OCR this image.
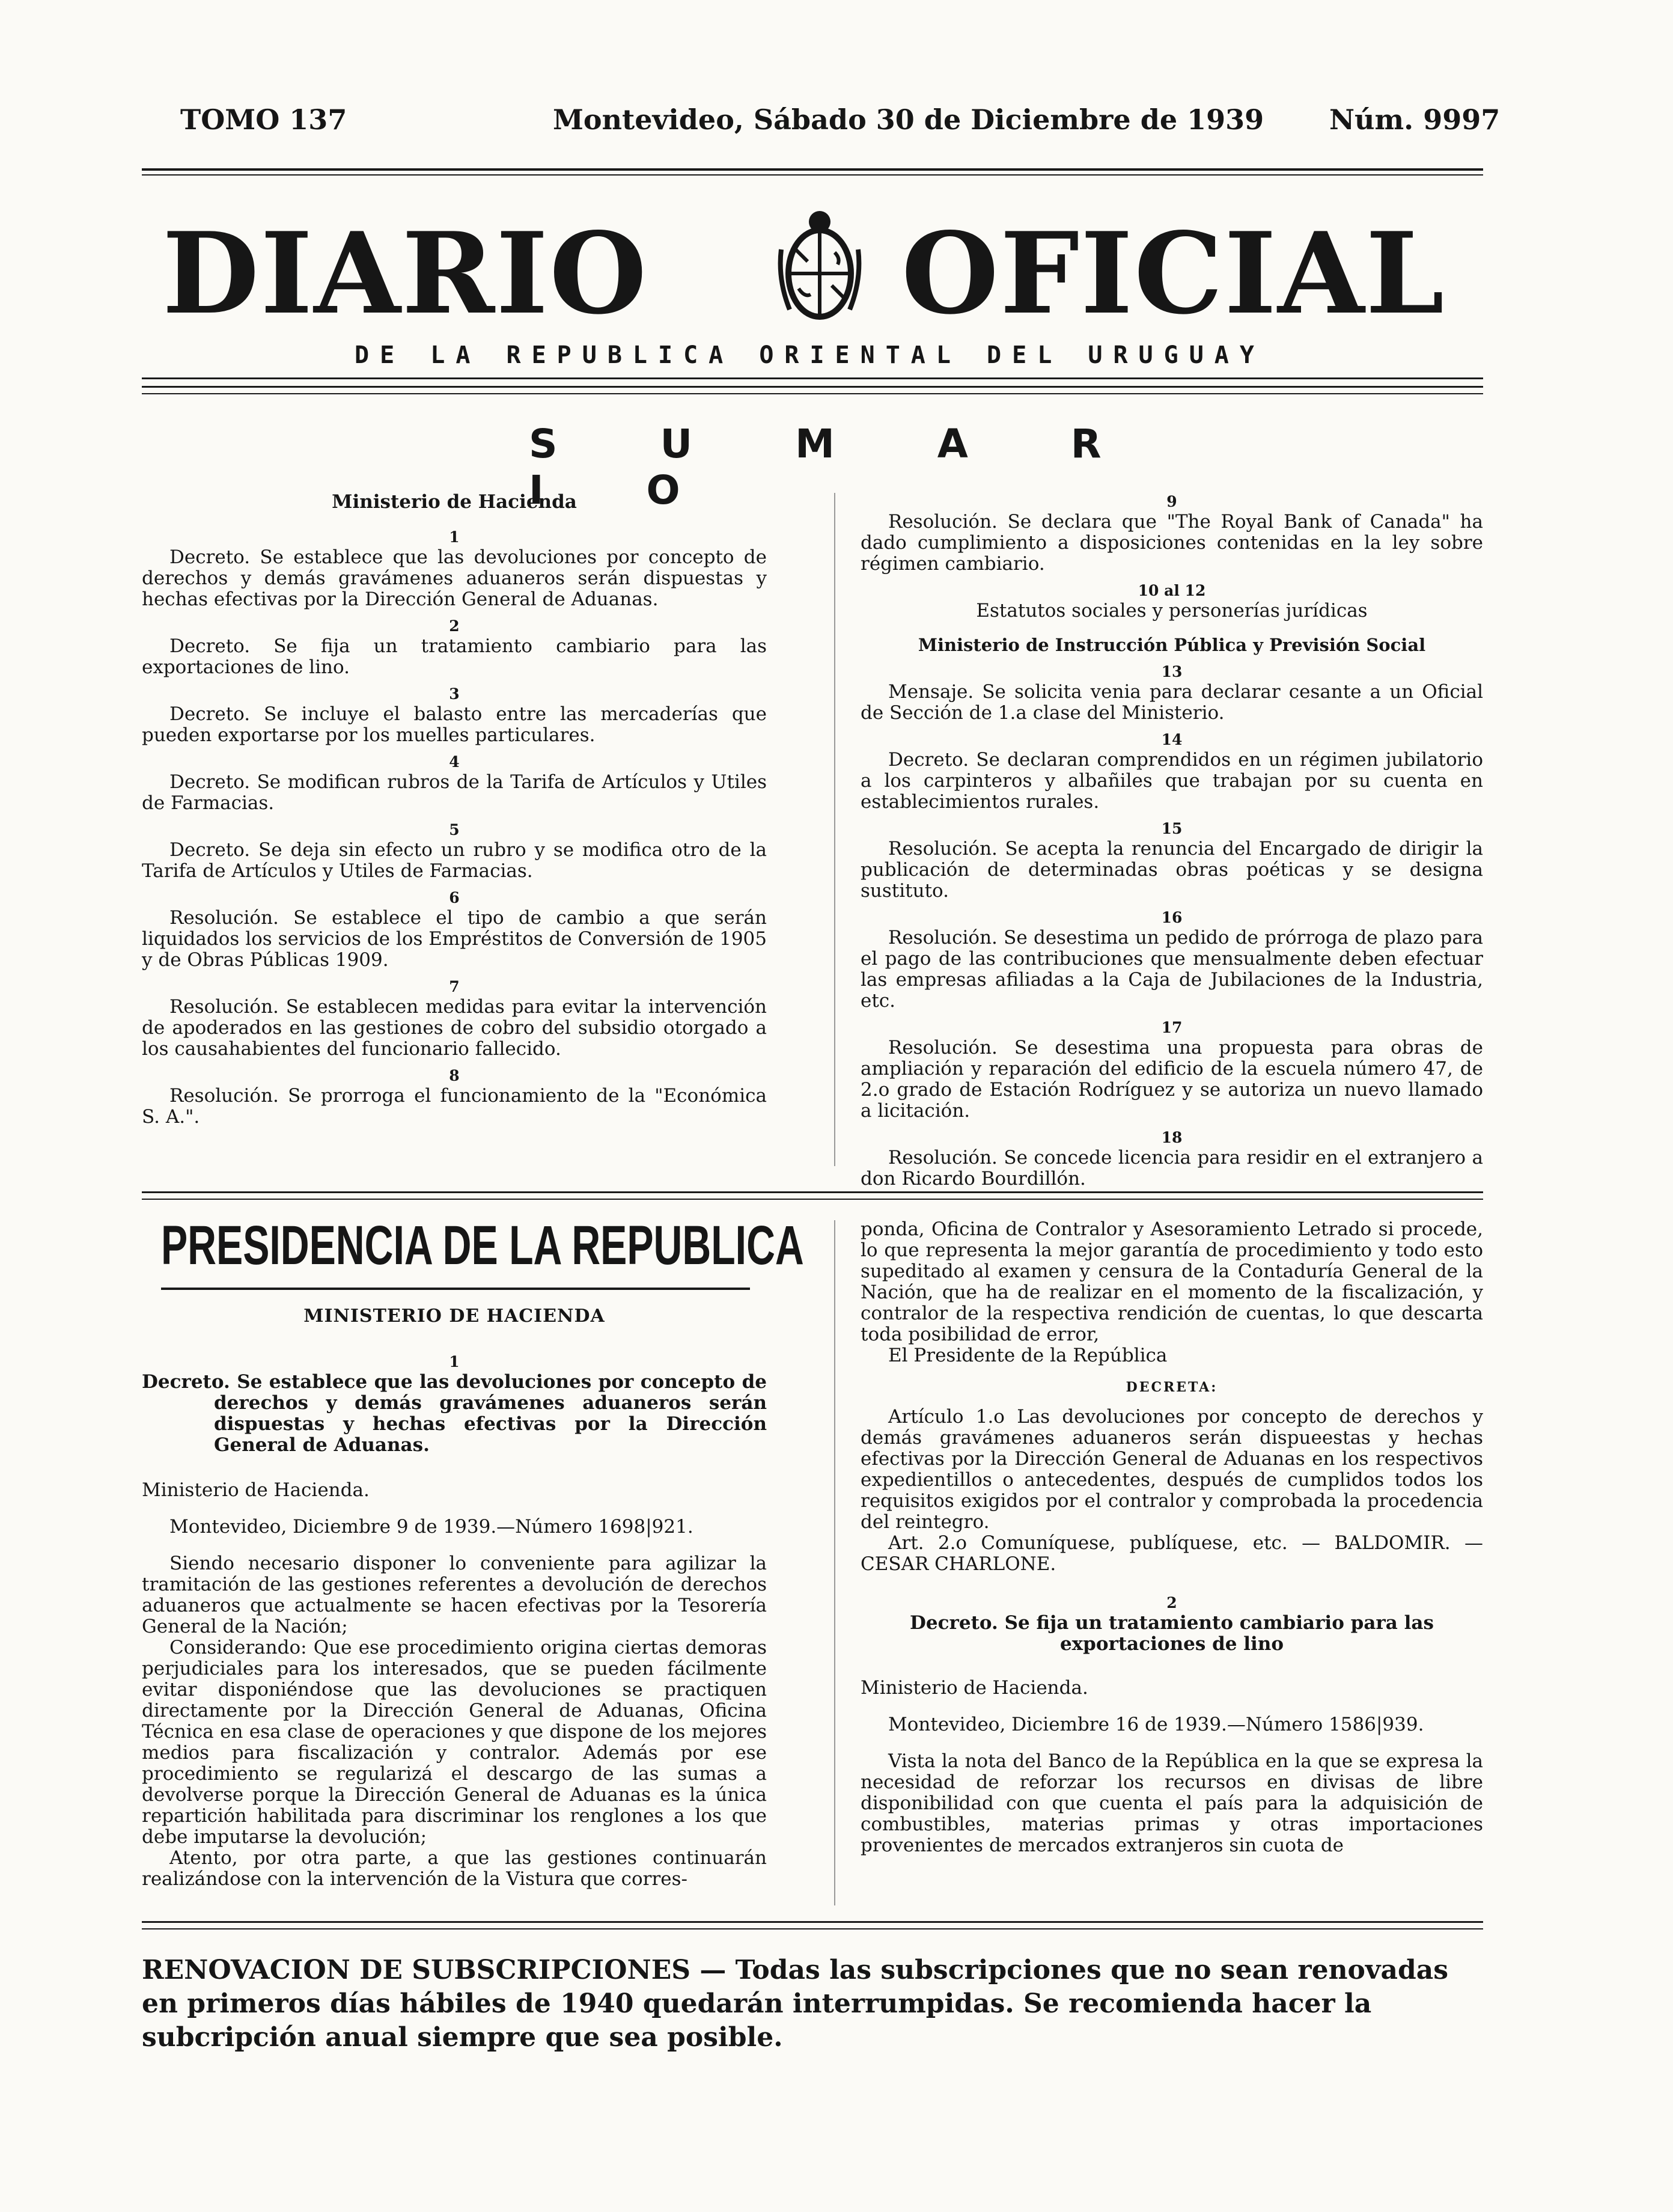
TOMO 137	Montevideo, Sábado 30 de Diciembre de 1939 Núm. 9997
DIARIO OFICIAL
DE LA REPUBLICA ORIENTAL DEL URUGUAY
S U M A R I O
Ministerio de Hacienda
1
Decreto. Se establece que las devoluciones por concepto de derechos y demás gravámenes aduaneros serán dispuestas y hechas efectivas por la Dirección General de Aduanas.
2
Decreto. Se fija un tratamiento cambiario para las exportaciones de lino.
3
Decreto. Se incluye el balasto entre las mercaderías que pueden exportarse por los muelles particulares.
4
Decreto. Se modifican rubros de la Tarifa de Artículos y Utiles de Farmacias.
5
Decreto. Se deja sin efecto un rubro y se modifica otro de la Tarifa de Artículos y Utiles de Farmacias.
6
Resolución. Se establece el tipo de cambio a que serán liquidados los servicios de los Empréstitos de Conversión de 1905 y de Obras Públicas 1909.
7
Resolución. Se establecen medidas para evitar la intervención de apoderados en las gestiones de cobro del subsidio otorgado a los causahabientes del funcionario fallecido.
8
Resolución. Se prorroga el funcionamiento de la "Económica S. A.".
9
Resolución. Se declara que "The Royal Bank of Canada" ha dado cumplimiento a disposiciones contenidas en la ley sobre régimen cambiario.
10 al 12
Estatutos sociales y personerías jurídicas
Ministerio de Instrucción Pública y Previsión Social
13
Mensaje. Se solicita venia para declarar cesante a un Oficial de Sección de 1.a clase del Ministerio.
14
Decreto. Se declaran comprendidos en un régimen jubilatorio a los carpinteros y albañiles que trabajan por su cuenta en establecimientos rurales.
15
Resolución. Se acepta la renuncia del Encargado de dirigir la publicación de determinadas obras poéticas y se designa sustituto.
16
Resolución. Se desestima un pedido de prórroga de plazo para el pago de las contribuciones que mensualmente deben efectuar las empresas afiliadas a la Caja de Jubilaciones de la Industria, etc.
17
Resolución. Se desestima una propuesta para obras de ampliación y reparación del edificio de la escuela número 47, de 2.o grado de Estación Rodríguez y se autoriza un nuevo llamado a licitación.
18
Resolución. Se concede licencia para residir en el extranjero a don Ricardo Bourdillón.
PRESIDENCIA DE LA REPUBLICA
MINISTERIO DE HACIENDA
1
Decreto. Se establece que las devoluciones por concepto de derechos y demás gravámenes aduaneros serán dispuestas y hechas efectivas por la Dirección General de Aduanas.
Ministerio de Hacienda.
Montevideo, Diciembre 9 de 1939.—Número 1698|921.
Siendo necesario disponer lo conveniente para agilizar la tramitación de las gestiones referentes a devolución de derechos aduaneros que actualmente se hacen efectivas por la Tesorería General de la Nación;
Considerando: Que ese procedimiento origina ciertas demoras perjudiciales para los interesados, que se pueden fácilmente evitar disponiéndose que las devoluciones se practiquen directamente por la Dirección General de Aduanas, Oficina Técnica en esa clase de operaciones y que dispone de los mejores medios para fiscalización y contralor. Además por ese procedimiento se regularizá el descargo de las sumas a devolverse porque la Dirección General de Aduanas es la única repartición habilitada para discriminar los renglones a los que debe imputarse la devolución;
Atento, por otra parte, a que las gestiones continuarán realizándose con la intervención de la Vistura que corres-
ponda, Oficina de Contralor y Asesoramiento Letrado si procede, lo que representa la mejor garantía de procedimiento y todo esto supeditado al examen y censura de la Contaduría General de la Nación, que ha de realizar en el momento de la fiscalización, y contralor de la respectiva rendición de cuentas, lo que descarta toda posibilidad de error,
El Presidente de la República
DECRETA:
Artículo 1.o Las devoluciones por concepto de derechos y demás gravámenes aduaneros serán dispueestas y hechas efectivas por la Dirección General de Aduanas en los respectivos expedientillos o antecedentes, después de cumplidos todos los requisitos exigidos por el contralor y comprobada la procedencia del reintegro.
Art. 2.o Comuníquese, publíquese, etc. — BALDOMIR. —CESAR CHARLONE.
2
Decreto. Se fija un tratamiento cambiario para las exportaciones de lino
Ministerio de Hacienda.
Montevideo, Diciembre 16 de 1939.—Número 1586|939.
Vista la nota del Banco de la República en la que se expresa la necesidad de reforzar los recursos en divisas de libre disponibilidad con que cuenta el país para la adquisición de combustibles, materias primas y otras importaciones provenientes de mercados extranjeros sin cuota de
RENOVACION DE SUBSCRIPCIONES — Todas las subscripciones que no sean renovadas en primeros días hábiles de 1940 quedarán interrumpidas. Se recomienda hacer la subcripción anual siempre que sea posible.
